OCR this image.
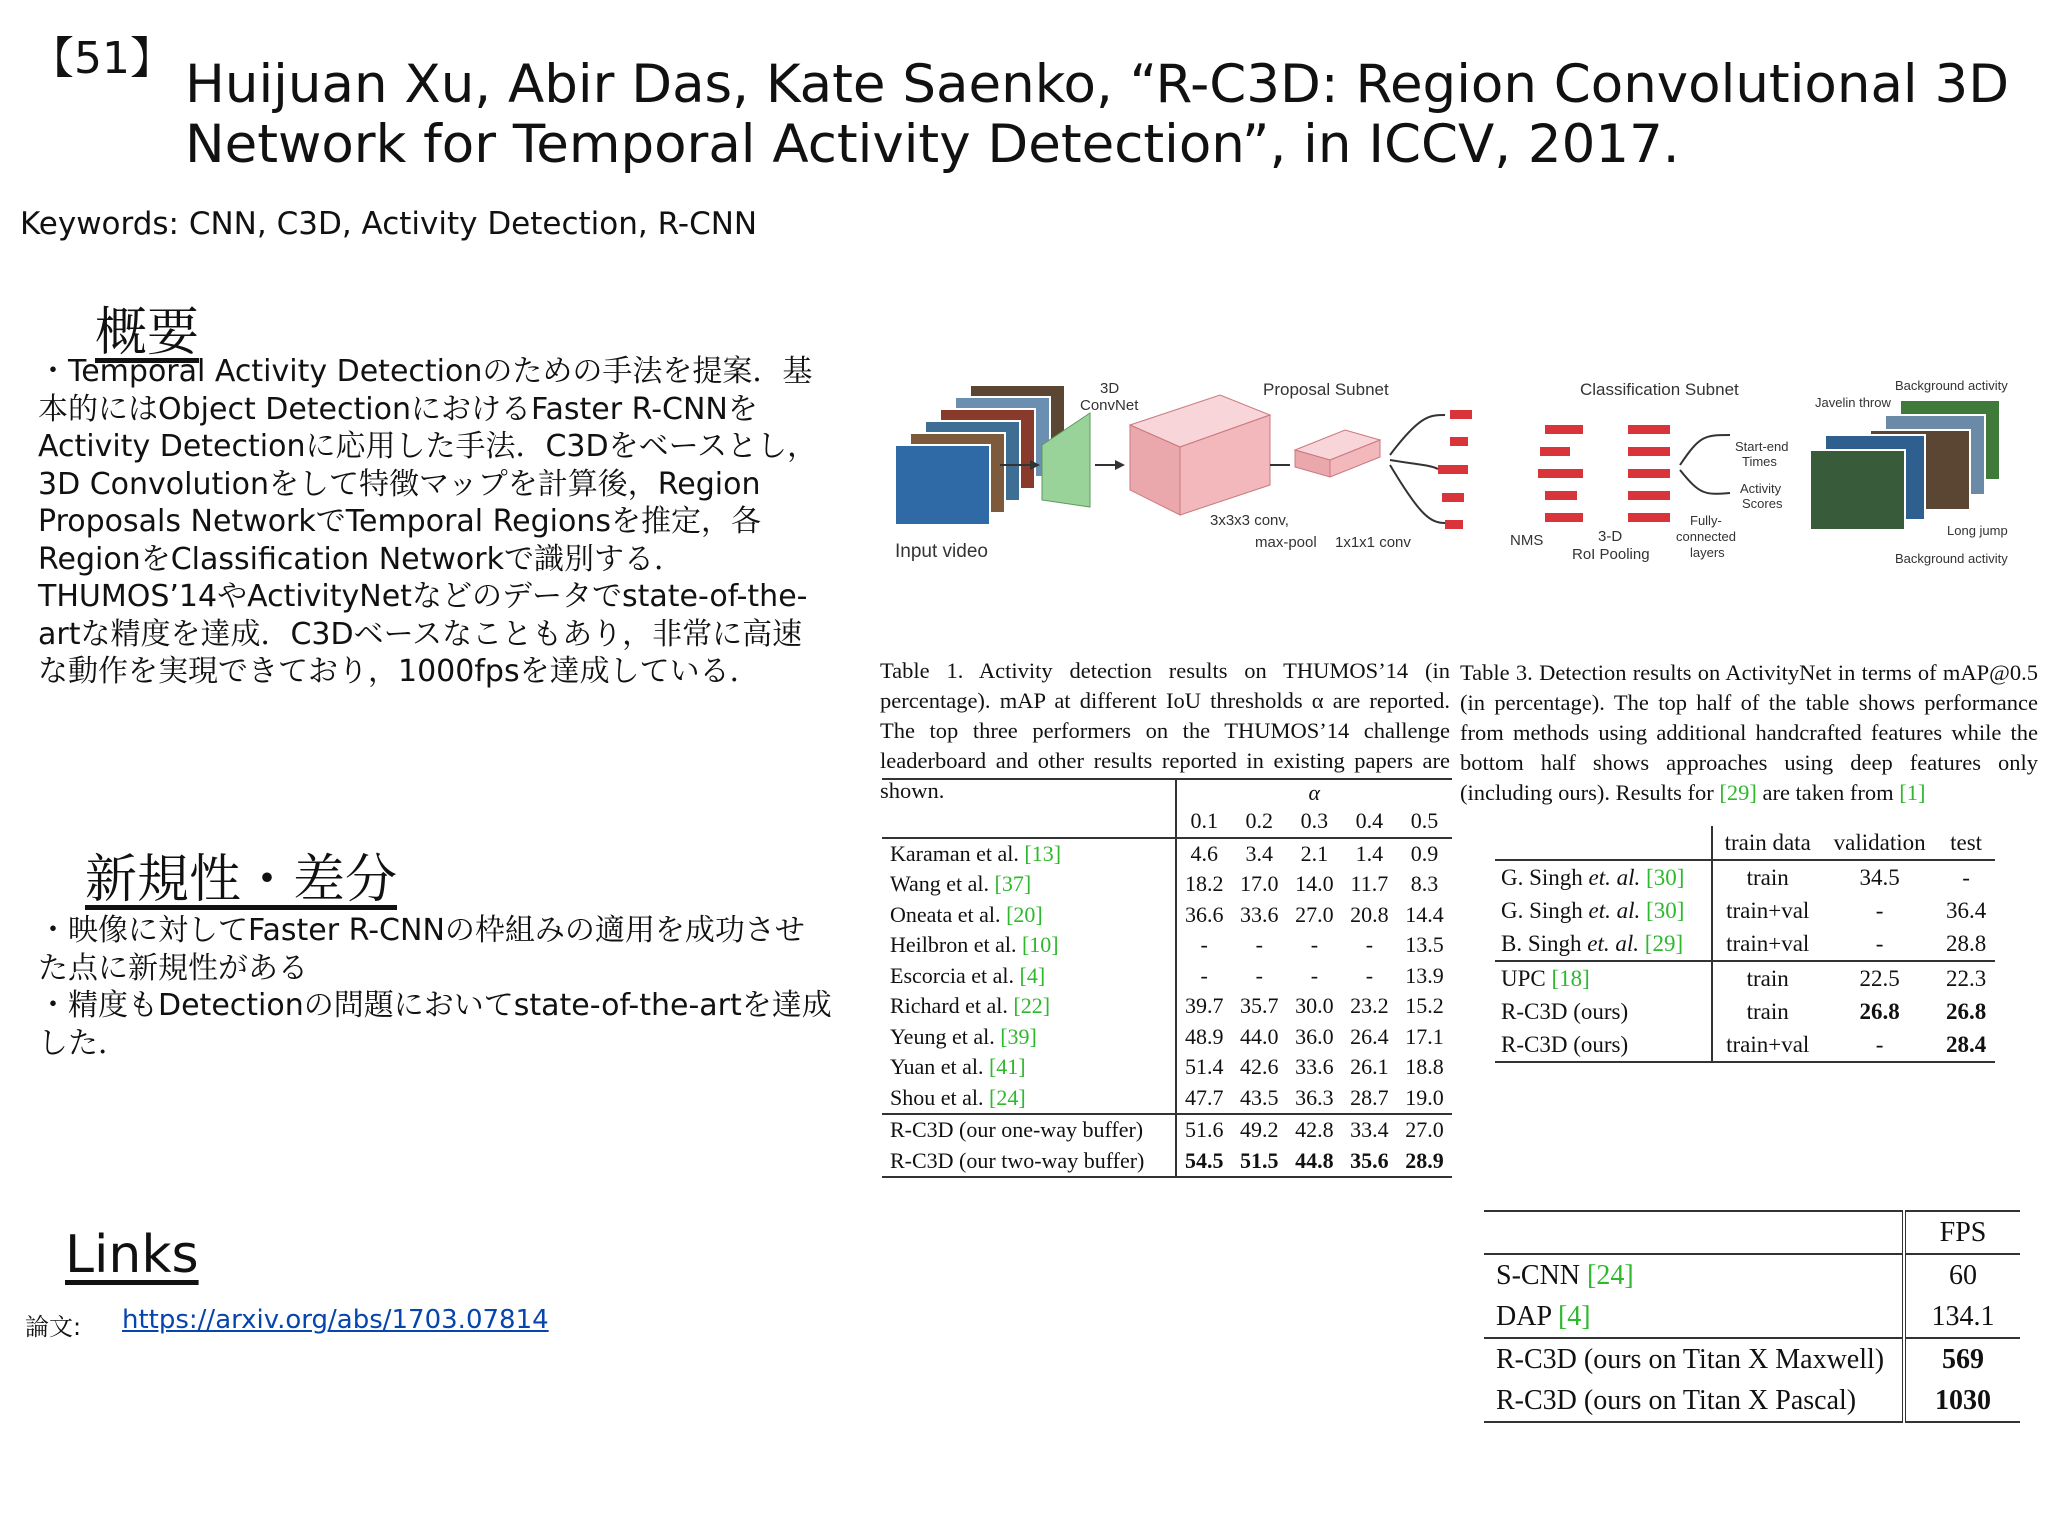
【51】 Huijuan Xu, Abir Das, Kate Saenko, “R-C3D: Region Convolutional 3D
Network for Temporal Activity Detection”, in ICCV, 2017.
Keywords: CNN, C3D, Activity Detection, R-CNN
概要
・Temporal Activity Detectionのための手法を提案．基
本的にはObject DetectionにおけるFaster R-CNNを
Activity Detectionに応用した手法．C3Dをベースとし，
3D Convolutionをして特徴マップを計算後，Region
Proposals NetworkでTemporal Regionsを推定，各
RegionをClassification Networkで識別する．
THUMOS’14やActivityNetなどのデータでstate-of-the-
artな精度を達成．C3Dベースなこともあり，非常に高速
な動作を実現できており，1000fpsを達成している．
新規性・差分
・映像に対してFaster R-CNNの枠組みの適用を成功させ
た点に新規性がある
・精度もDetectionの問題においてstate-of-the-artを達成
した．
Links
論文: https://arxiv.org/abs/1703.07814
Input video
3D
ConvNet
3x3x3 conv,
max-pool
Proposal Subnet
1x1x1 conv
Classification Subnet
NMS	3-D
RoI Pooling
Fully-
connected
layers
Start-end
Times
Activity
Scores
Background activity
Javelin throw
Long jump
Background activity
Table 1. Activity detection results on THUMOS’14 (in percentage). mAP at different IoU thresholds α are reported. The top three performers on the THUMOS’14 challenge leaderboard and other results reported in existing papers are shown.
		α				
	0.1	0.2	0.3	0.4	0.5
Karaman et al. [13]	4.6	3.4	2.1	1.4	0.9
Wang et al. [37]	18.2	17.0	14.0	11.7	8.3
Oneata et al. [20]	36.6	33.6	27.0	20.8	14.4
Heilbron et al. [10]	-	-	-	-	13.5
Escorcia et al. [4]	-	-	-	-	13.9
Richard et al. [22]	39.7	35.7	30.0	23.2	15.2
Yeung et al. [39]	48.9	44.0	36.0	26.4	17.1
Yuan et al. [41]	51.4	42.6	33.6	26.1	18.8
Shou et al. [24]	47.7	43.5	36.3	28.7	19.0
R-C3D (our one-way buffer)	51.6	49.2	42.8	33.4	27.0
R-C3D (our two-way buffer)	54.5	51.5	44.8	35.6	28.9
Table 3. Detection results on ActivityNet in terms of mAP@0.5 (in percentage). The top half of the table shows performance from methods using additional handcrafted features while the bottom half shows approaches using deep features only (including ours). Results for [29] are taken from [1]
	train data	validation	test
G. Singh et. al. [30]	train	34.5	-
G. Singh et. al. [30]	train+val	-	36.4
B. Singh et. al. [29]	train+val	-	28.8
UPC [18]	train	22.5	22.3
R-C3D (ours)	train	26.8	26.8
R-C3D (ours)	train+val	-	28.4
	FPS
S-CNN [24]	60
DAP [4]	134.1
R-C3D (ours on Titan X Maxwell)	569
R-C3D (ours on Titan X Pascal)	1030
